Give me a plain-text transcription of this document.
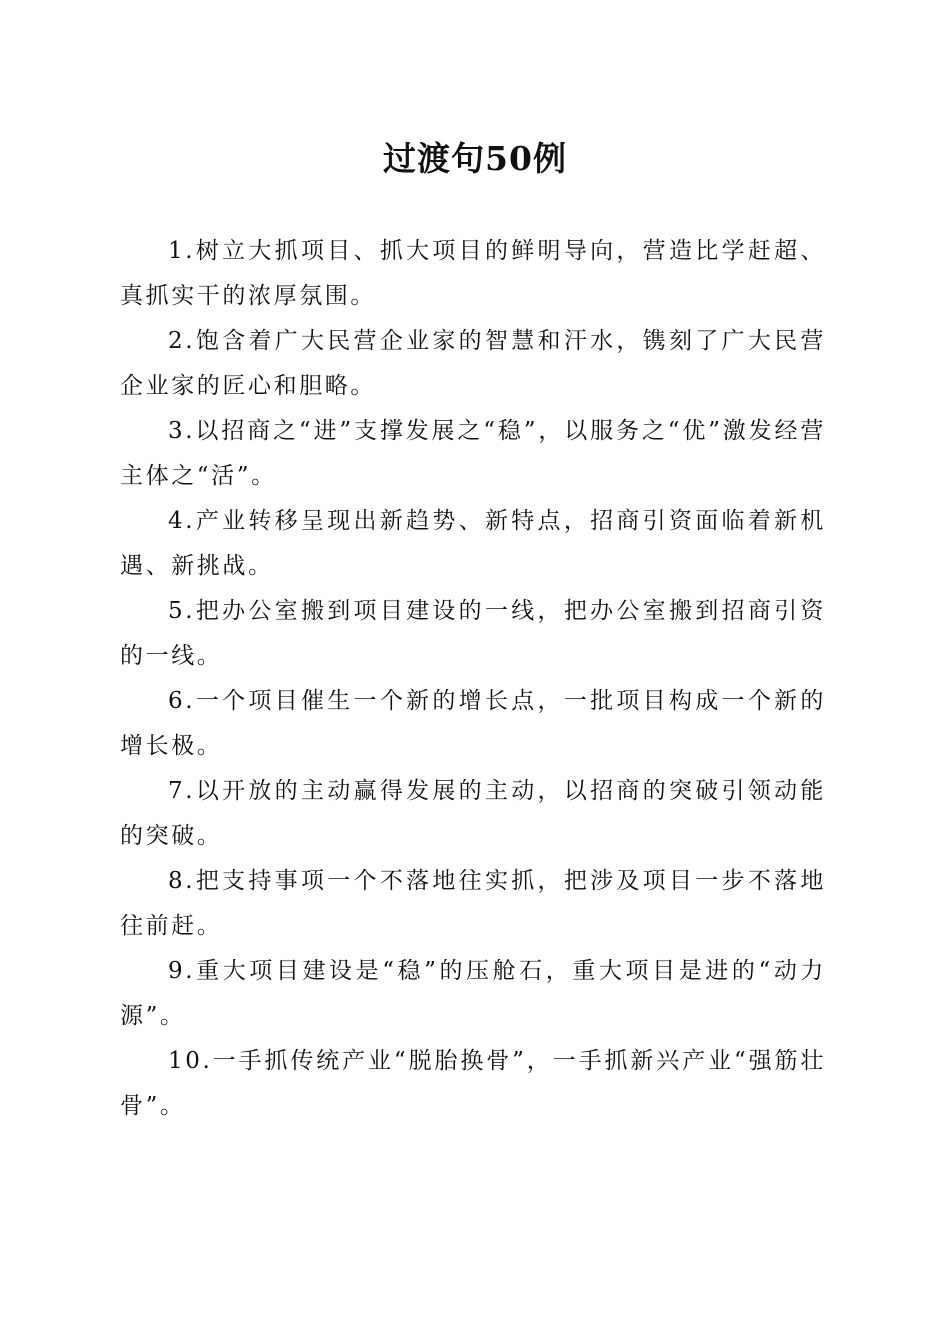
过渡句50例

1.树立大抓项目、抓大项目的鲜明导向，营造比学赶超、真抓实干的浓厚氛围。

2.饱含着广大民营企业家的智慧和汗水，镌刻了广大民营企业家的匠心和胆略。

3.以招商之“进”支撑发展之“稳”，以服务之“优”激发经营主体之“活”。

4.产业转移呈现出新趋势、新特点，招商引资面临着新机遇、新挑战。

5.把办公室搬到项目建设的一线，把办公室搬到招商引资的一线。

6.一个项目催生一个新的增长点，一批项目构成一个新的增长极。

7.以开放的主动赢得发展的主动，以招商的突破引领动能的突破。

8.把支持事项一个不落地往实抓，把涉及项目一步不落地往前赶。

9.重大项目建设是“稳”的压舱石，重大项目是进的“动力源”。

10.一手抓传统产业“脱胎换骨”，一手抓新兴产业“强筋壮骨”。
